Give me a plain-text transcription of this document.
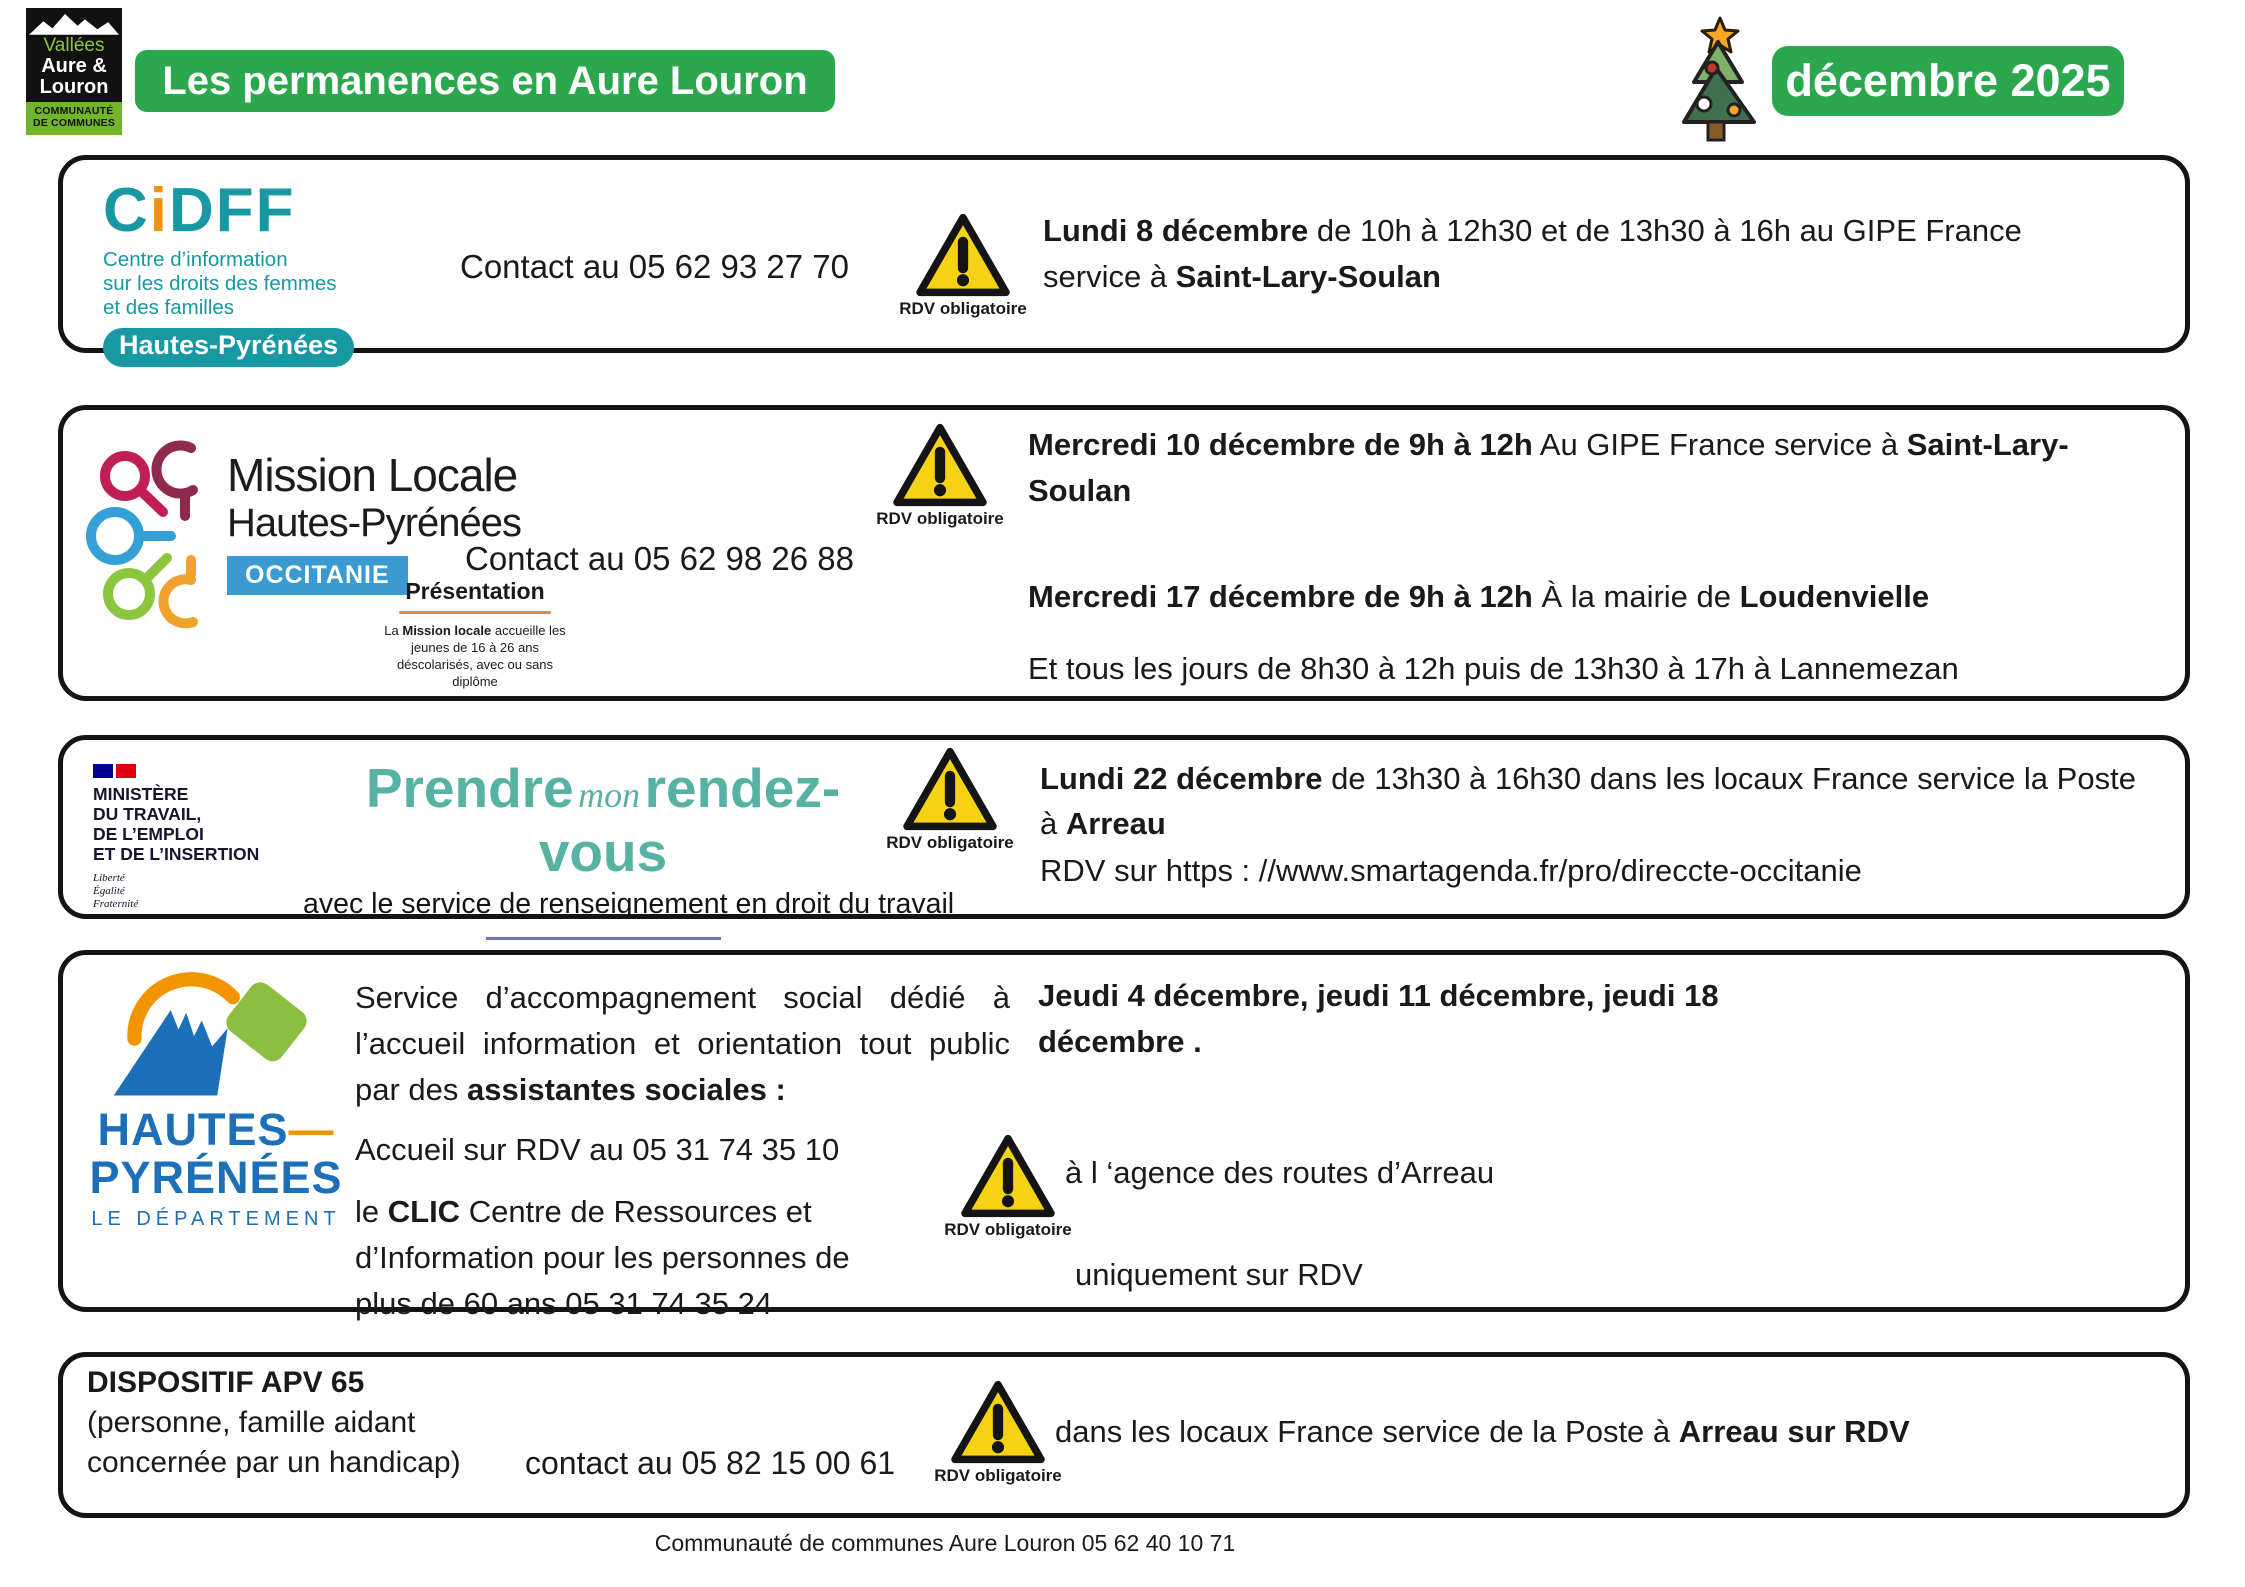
Vallées
Aure &
Louron
COMMUNAUTÉ
DE COMMUNES
Les permanences en Aure Louron	décembre 2025
CiDFF
Centre d’information
sur les droits des femmes
et des familles
Hautes-Pyrénées
Contact au 05 62 93 27 70
RDV obligatoire
Lundi 8 décembre de 10h à 12h30 et de 13h30 à 16h au GIPE France service à Saint-Lary-Soulan
Mission Locale
Hautes-Pyrénées
OCCITANIE	Contact au 05 62 98 26 88
Présentation
La Mission locale accueille les jeunes de 16 à 26 ans déscolarisés, avec ou sans diplôme
RDV obligatoire
Mercredi 10 décembre de 9h à 12h Au GIPE France service à Saint-Lary-Soulan
Mercredi 17 décembre de 9h à 12h À la mairie de Loudenvielle
Et tous les jours de 8h30 à 12h puis de 13h30 à 17h à Lannemezan
MINISTÈRE
DU TRAVAIL,
DE L’EMPLOI
ET DE L’INSERTION
Liberté
Égalité
Fraternité
Prendre mon rendez-vous
avec le service de renseignement en droit du travail
RDV obligatoire
Lundi 22 décembre de 13h30 à 16h30 dans les locaux France service la Poste à Arreau
RDV sur https : //www.smartagenda.fr/pro/direccte-occitanie
HAUTES—
PYRÉNÉES
LE DÉPARTEMENT
Service d’accompagnement social dédié à l’accueil information et orientation tout public par des assistantes sociales :
Accueil sur RDV au 05 31 74 35 10
le CLIC Centre de Ressources et d’Information pour les personnes de plus de 60 ans 05 31 74 35 24
Jeudi 4 décembre, jeudi 11 décembre, jeudi 18 décembre .
RDV obligatoire
à l ‘agence des routes d’Arreau
uniquement sur RDV
DISPOSITIF APV 65
(personne, famille aidant
concernée par un handicap) contact au 05 82 15 00 61 RDV obligatoire
dans les locaux France service de la Poste à Arreau sur RDV
Communauté de communes Aure Louron 05 62 40 10 71
